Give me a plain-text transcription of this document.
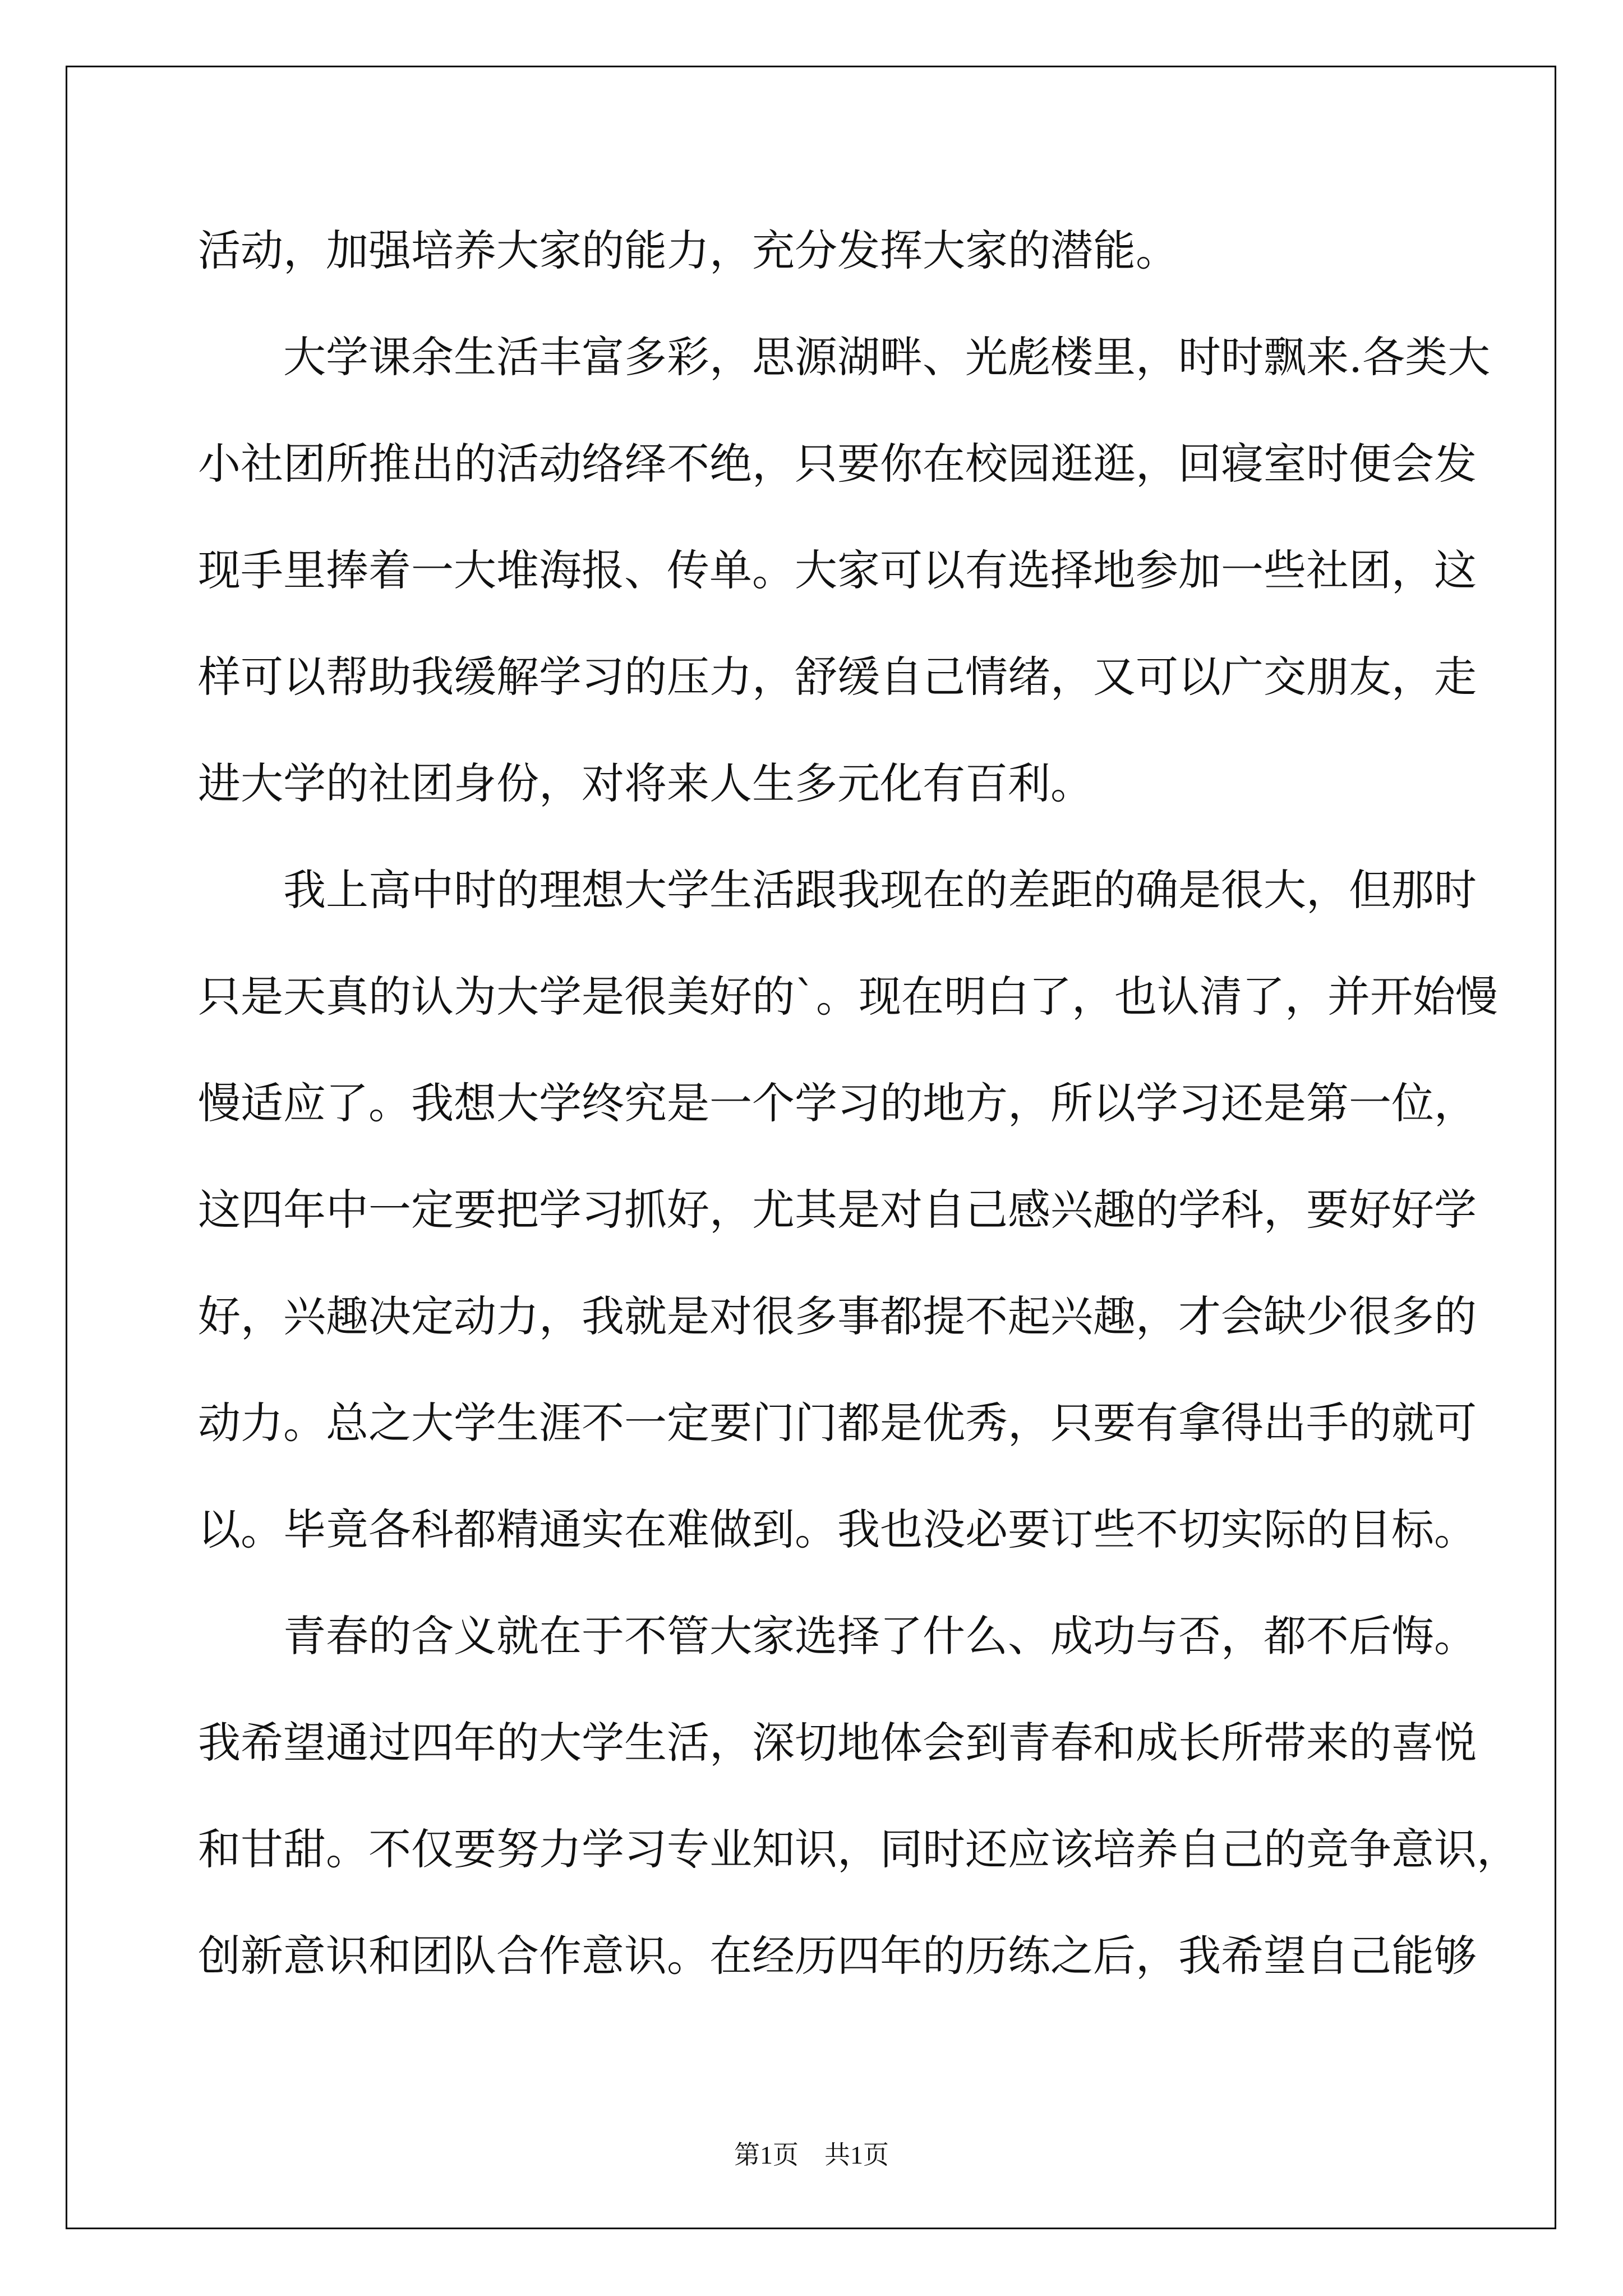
活动，加强培养大家的能力，充分发挥大家的潜能。
大学课余生活丰富多彩，思源湖畔、光彪楼里，时时飘来.各类大
小社团所推出的活动络绎不绝，只要你在校园逛逛，回寝室时便会发
现手里捧着一大堆海报、传单。大家可以有选择地参加一些社团，这
样可以帮助我缓解学习的压力，舒缓自己情绪，又可以广交朋友，走
进大学的社团身份，对将来人生多元化有百利。
我上高中时的理想大学生活跟我现在的差距的确是很大，但那时
只是天真的认为大学是很美好的`。现在明白了，也认清了，并开始慢
慢适应了。我想大学终究是一个学习的地方，所以学习还是第一位，
这四年中一定要把学习抓好，尤其是对自己感兴趣的学科，要好好学
好，兴趣决定动力，我就是对很多事都提不起兴趣，才会缺少很多的
动力。总之大学生涯不一定要门门都是优秀，只要有拿得出手的就可
以。毕竟各科都精通实在难做到。我也没必要订些不切实际的目标。
青春的含义就在于不管大家选择了什么、成功与否，都不后悔。
我希望通过四年的大学生活，深切地体会到青春和成长所带来的喜悦
和甘甜。不仅要努力学习专业知识，同时还应该培养自己的竞争意识，
创新意识和团队合作意识。在经历四年的历练之后，我希望自己能够
第1页　共1页
